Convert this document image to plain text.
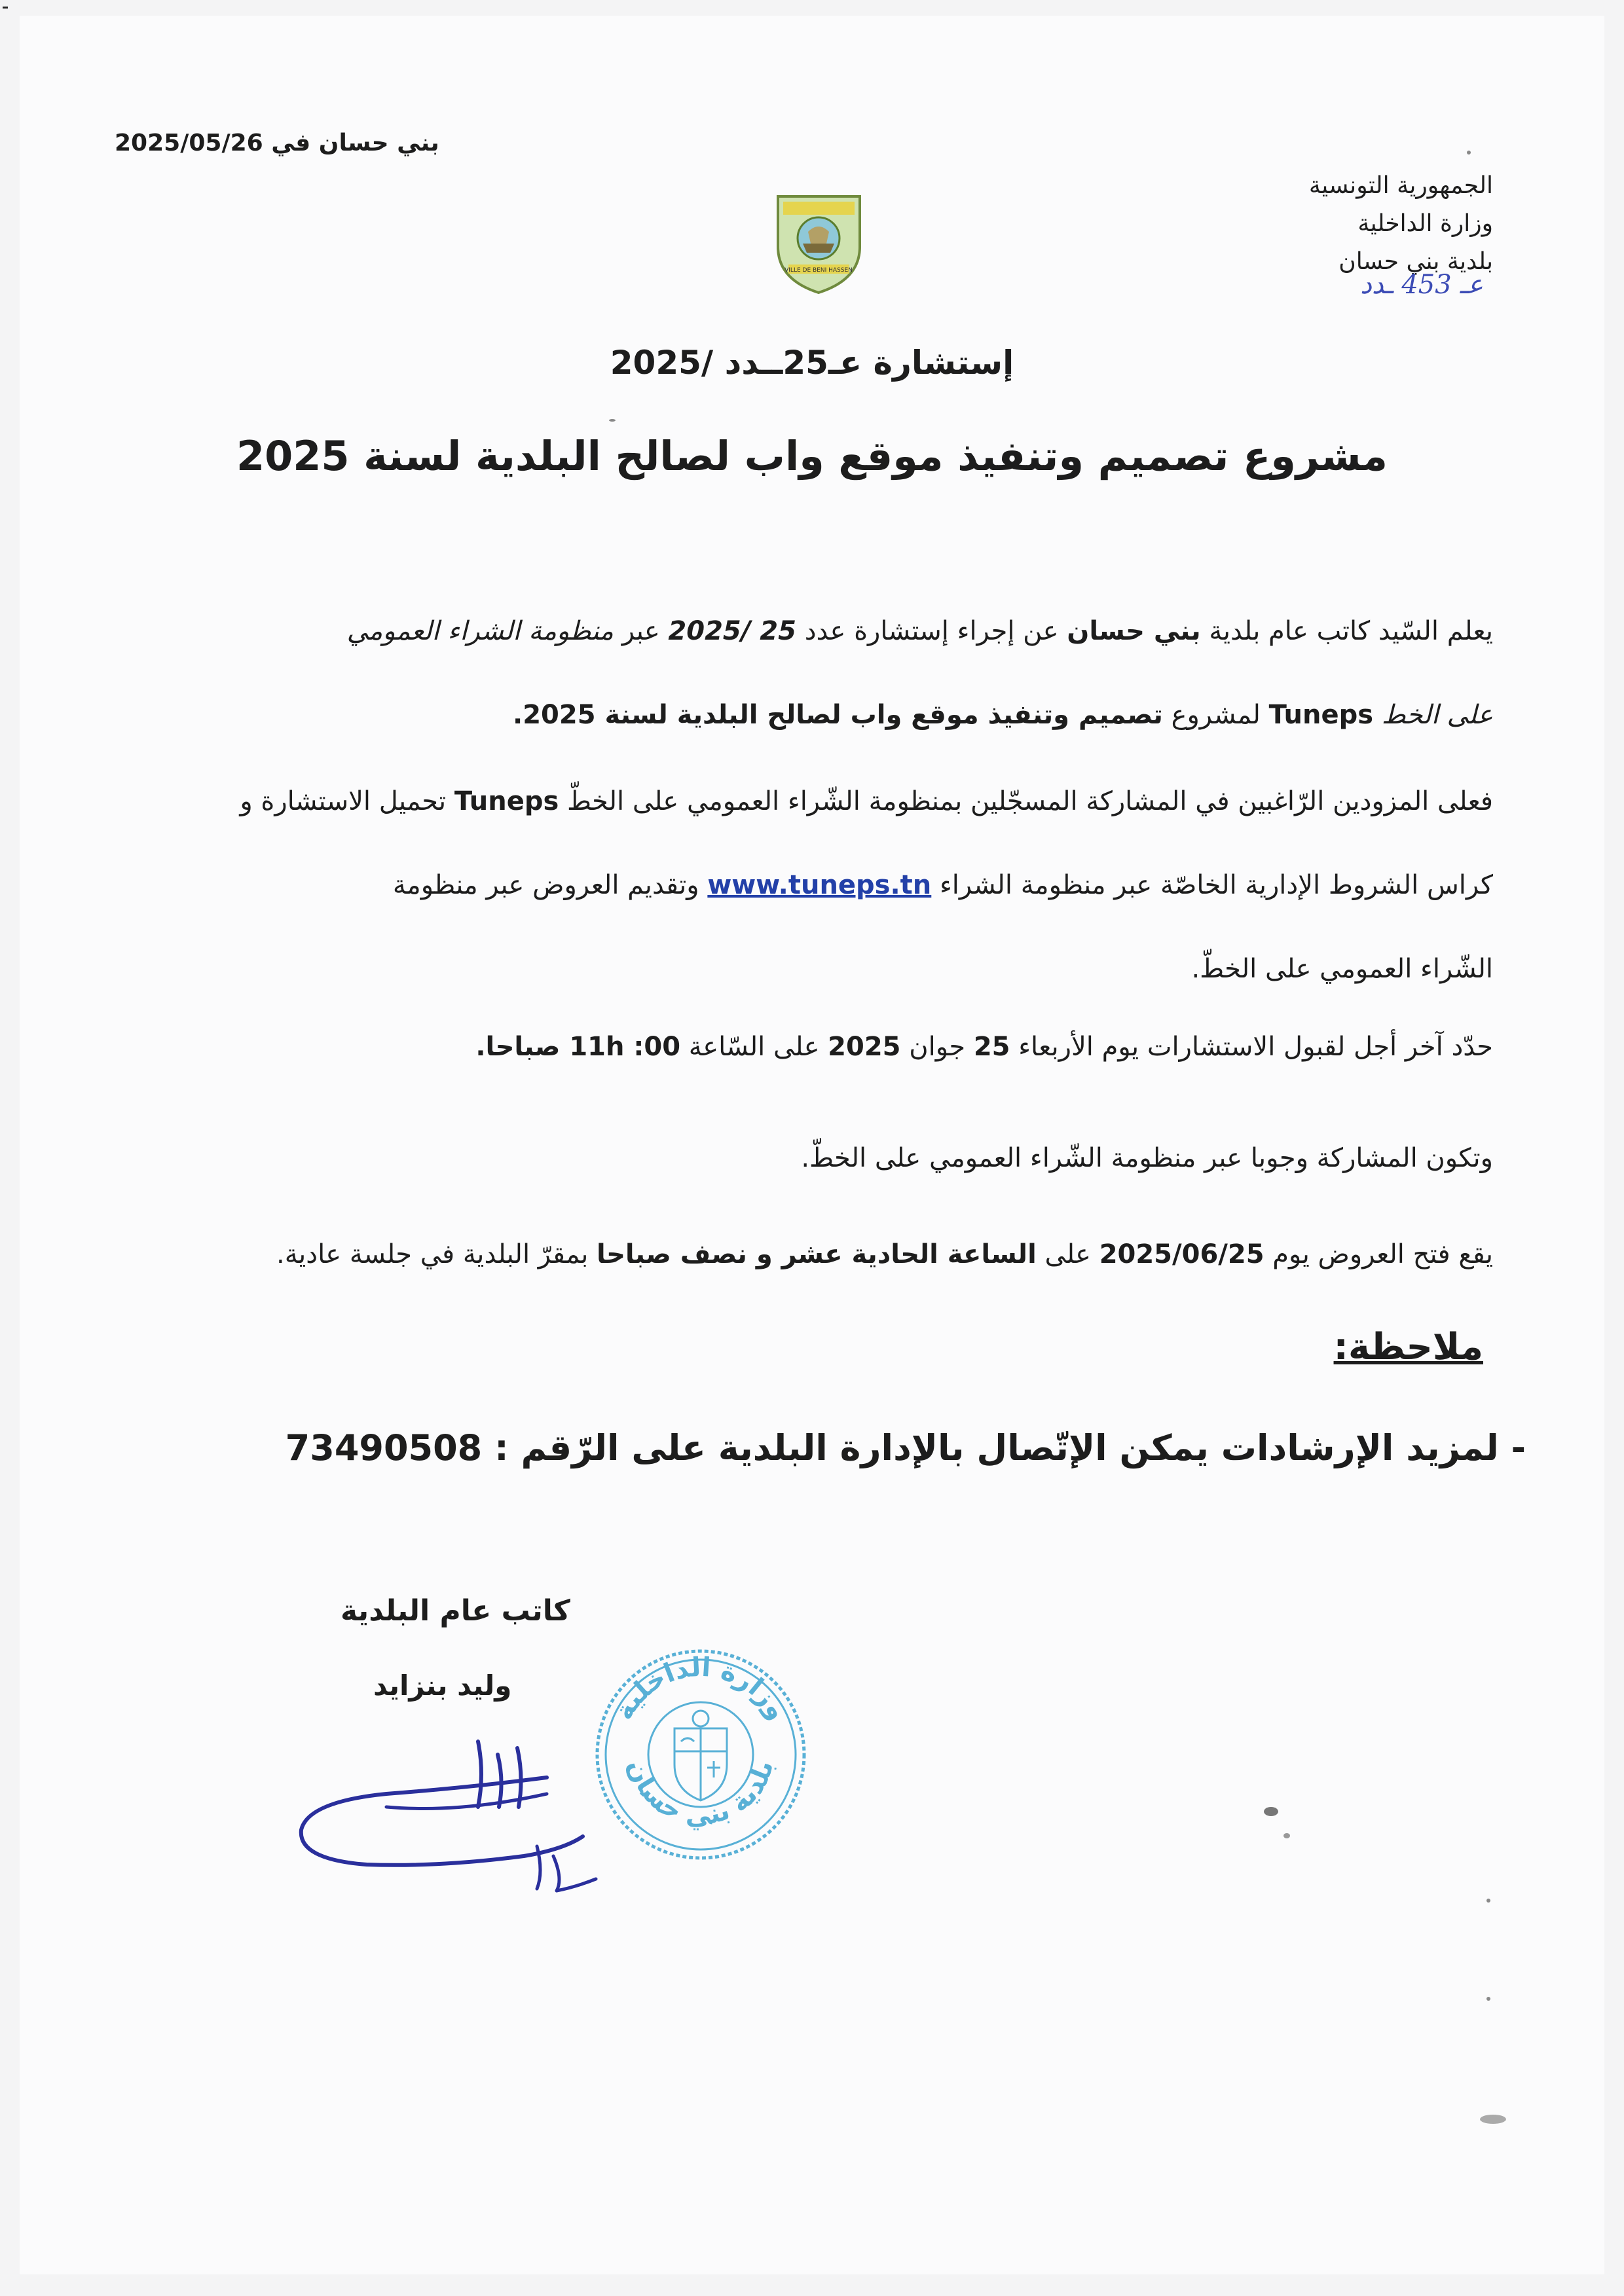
بني حسان في 2025/05/26
الجمهورية التونسية
وزارة الداخلية
بلدية بني حسان
عـ 453 ـدد
VILLE DE BENI HASSEN
إستشارة عـ25ــدد /2025
مشروع تصميم وتنفيذ موقع واب لصالح البلدية لسنة 2025
يعلم السّيد كاتب عام بلدية بني حسان عن إجراء إستشارة عدد 25 /2025 عبر منظومة الشراء العمومي
على الخط Tuneps لمشروع تصميم وتنفيذ موقع واب لصالح البلدية لسنة 2025.
فعلى المزودين الرّاغبين في المشاركة المسجّلين بمنظومة الشّراء العمومي على الخطّ Tuneps تحميل الاستشارة و
كراس الشروط الإدارية الخاصّة عبر منظومة الشراء www.tuneps.tn وتقديم العروض عبر منظومة
الشّراء العمومي على الخطّ.
حدّد آخر أجل لقبول الاستشارات يوم الأربعاء 25 جوان 2025 على السّاعة 00: 11h صباحا.
وتكون المشاركة وجوبا عبر منظومة الشّراء العمومي على الخطّ.
يقع فتح العروض يوم 2025/06/25 على الساعة الحادية عشر و نصف صباحا بمقرّ البلدية في جلسة عادية.
ملاحظة:
- لمزيد الإرشادات يمكن الإتّصال بالإدارة البلدية على الرّقم : 73490508
كاتب عام البلدية
وليد بنزايد
وزارة الداخلية
بلدية بني حسان
